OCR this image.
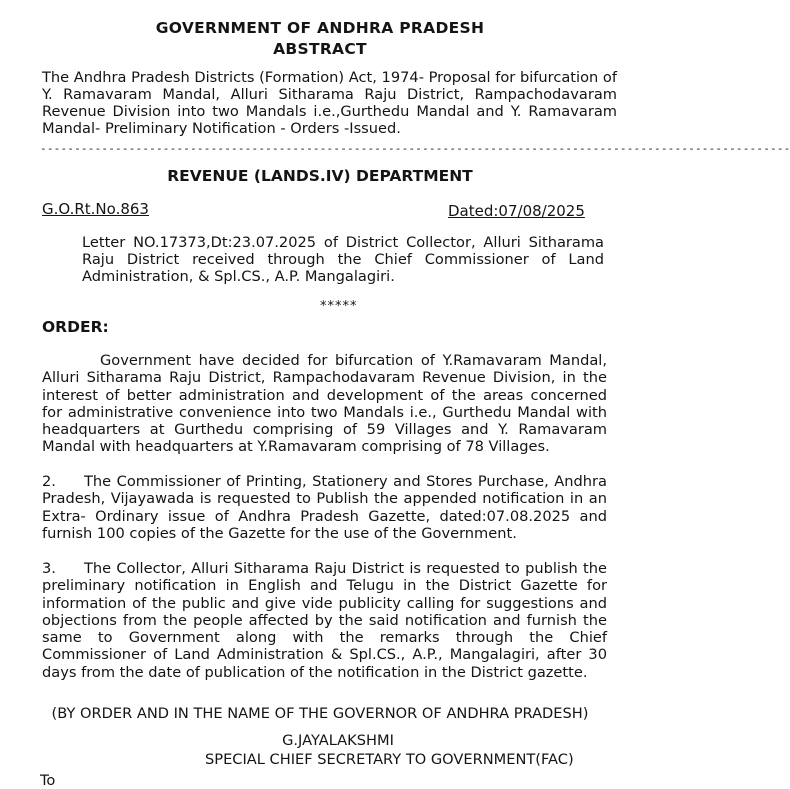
GOVERNMENT OF ANDHRA PRADESH
ABSTRACT
The Andhra Pradesh Districts (Formation) Act, 1974- Proposal for bifurcation of Y. Ramavaram Mandal, Alluri Sitharama Raju District, Rampachodavaram Revenue Division into two Mandals i.e.,Gurthedu Mandal and Y. Ramavaram Mandal- Preliminary Notification - Orders -Issued.
--------------------------------------------------------------------------------------------------------------
REVENUE (LANDS.IV) DEPARTMENT
G.O.Rt.No.863	Dated:07/08/2025
Letter NO.17373,Dt:23.07.2025 of District Collector, Alluri Sitharama Raju District received through the Chief Commissioner of Land Administration, & Spl.CS., A.P. Mangalagiri.
*****
ORDER:
Government have decided for bifurcation of Y.Ramavaram Mandal, Alluri Sitharama Raju District, Rampachodavaram Revenue Division, in the interest of better administration and development of the areas concerned for administrative convenience into two Mandals i.e., Gurthedu Mandal with headquarters at Gurthedu comprising of 59 Villages and Y. Ramavaram Mandal with headquarters at Y.Ramavaram comprising of 78 Villages.
2. The Commissioner of Printing, Stationery and Stores Purchase, Andhra Pradesh, Vijayawada is requested to Publish the appended notification in an Extra- Ordinary issue of Andhra Pradesh Gazette, dated:07.08.2025 and furnish 100 copies of the Gazette for the use of the Government.
3. The Collector, Alluri Sitharama Raju District is requested to publish the preliminary notification in English and Telugu in the District Gazette for information of the public and give vide publicity calling for suggestions and objections from the people affected by the said notification and furnish the same to Government along with the remarks through the Chief Commissioner of Land Administration & Spl.CS., A.P., Mangalagiri, after 30 days from the date of publication of the notification in the District gazette.
(BY ORDER AND IN THE NAME OF THE GOVERNOR OF ANDHRA PRADESH)
G.JAYALAKSHMI
SPECIAL CHIEF SECRETARY TO GOVERNMENT(FAC)
To
